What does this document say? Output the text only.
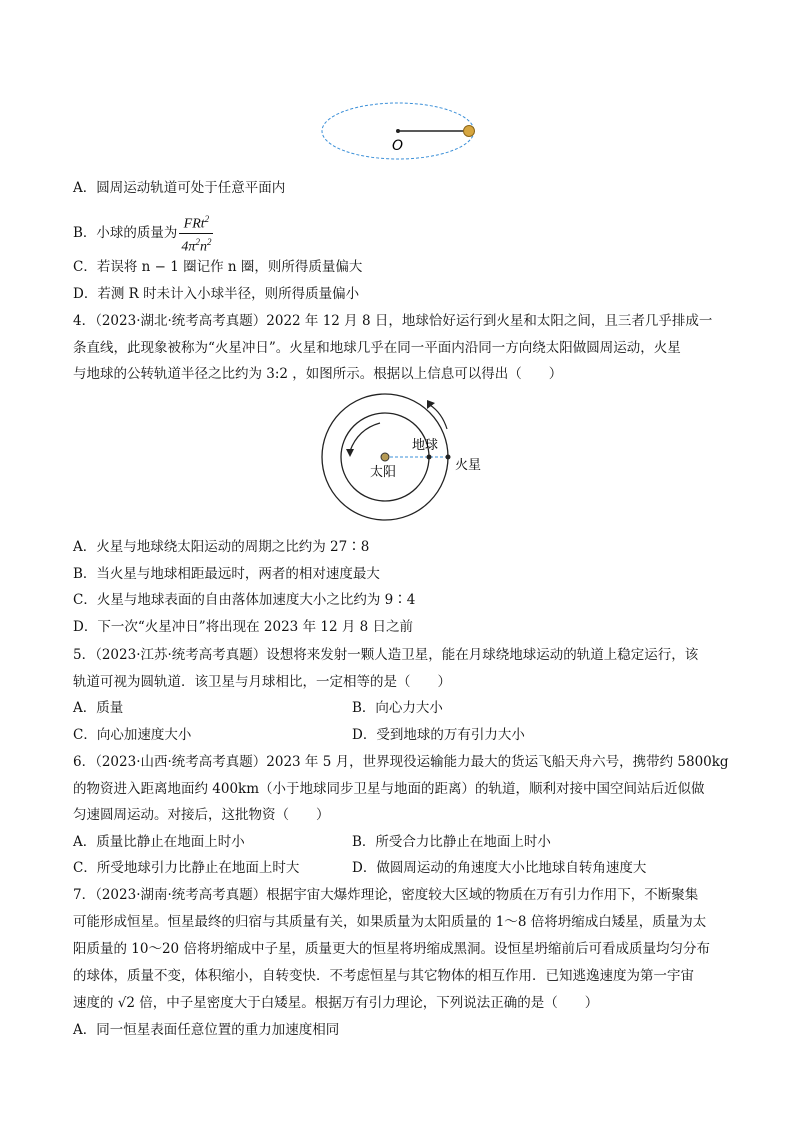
O
A．圆周运动轨道可处于任意平面内
B．小球的质量为 $\frac{FRt^2}{4\pi^2n^2}$
C．若误将 n − 1 圈记作 n 圈，则所得质量偏大
D．若测 R 时未计入小球半径，则所得质量偏小
4．（2023·湖北·统考高考真题）2022 年 12 月 8 日，地球恰好运行到火星和太阳之间，且三者几乎排成一
条直线，此现象被称为“火星冲日”。火星和地球几乎在同一平面内沿同一方向绕太阳做圆周运动，火星
与地球的公转轨道半径之比约为 3:2 ，如图所示。根据以上信息可以得出（　　）
地球
太阳	火星
A．火星与地球绕太阳运动的周期之比约为 27∶8
B．当火星与地球相距最远时，两者的相对速度最大
C．火星与地球表面的自由落体加速度大小之比约为 9∶4
D．下一次“火星冲日”将出现在 2023 年 12 月 8 日之前
5．（2023·江苏·统考高考真题）设想将来发射一颗人造卫星，能在月球绕地球运动的轨道上稳定运行，该
轨道可视为圆轨道．该卫星与月球相比，一定相等的是（　　）
A．质量	B．向心力大小
C．向心加速度大小	D．受到地球的万有引力大小
6．（2023·山西·统考高考真题）2023 年 5 月，世界现役运输能力最大的货运飞船天舟六号，携带约 5800kg
的物资进入距离地面约 400km（小于地球同步卫星与地面的距离）的轨道，顺利对接中国空间站后近似做
匀速圆周运动。对接后，这批物资（　　）
A．质量比静止在地面上时小	B．所受合力比静止在地面上时小
C．所受地球引力比静止在地面上时大	D．做圆周运动的角速度大小比地球自转角速度大
7．（2023·湖南·统考高考真题）根据宇宙大爆炸理论，密度较大区域的物质在万有引力作用下，不断聚集
可能形成恒星。恒星最终的归宿与其质量有关，如果质量为太阳质量的 1～8 倍将坍缩成白矮星，质量为太
阳质量的 10～20 倍将坍缩成中子星，质量更大的恒星将坍缩成黑洞。设恒星坍缩前后可看成质量均匀分布
的球体，质量不变，体积缩小，自转变快．不考虑恒星与其它物体的相互作用．已知逃逸速度为第一宇宙
速度的 √2 倍，中子星密度大于白矮星。根据万有引力理论，下列说法正确的是（　　）
A．同一恒星表面任意位置的重力加速度相同
